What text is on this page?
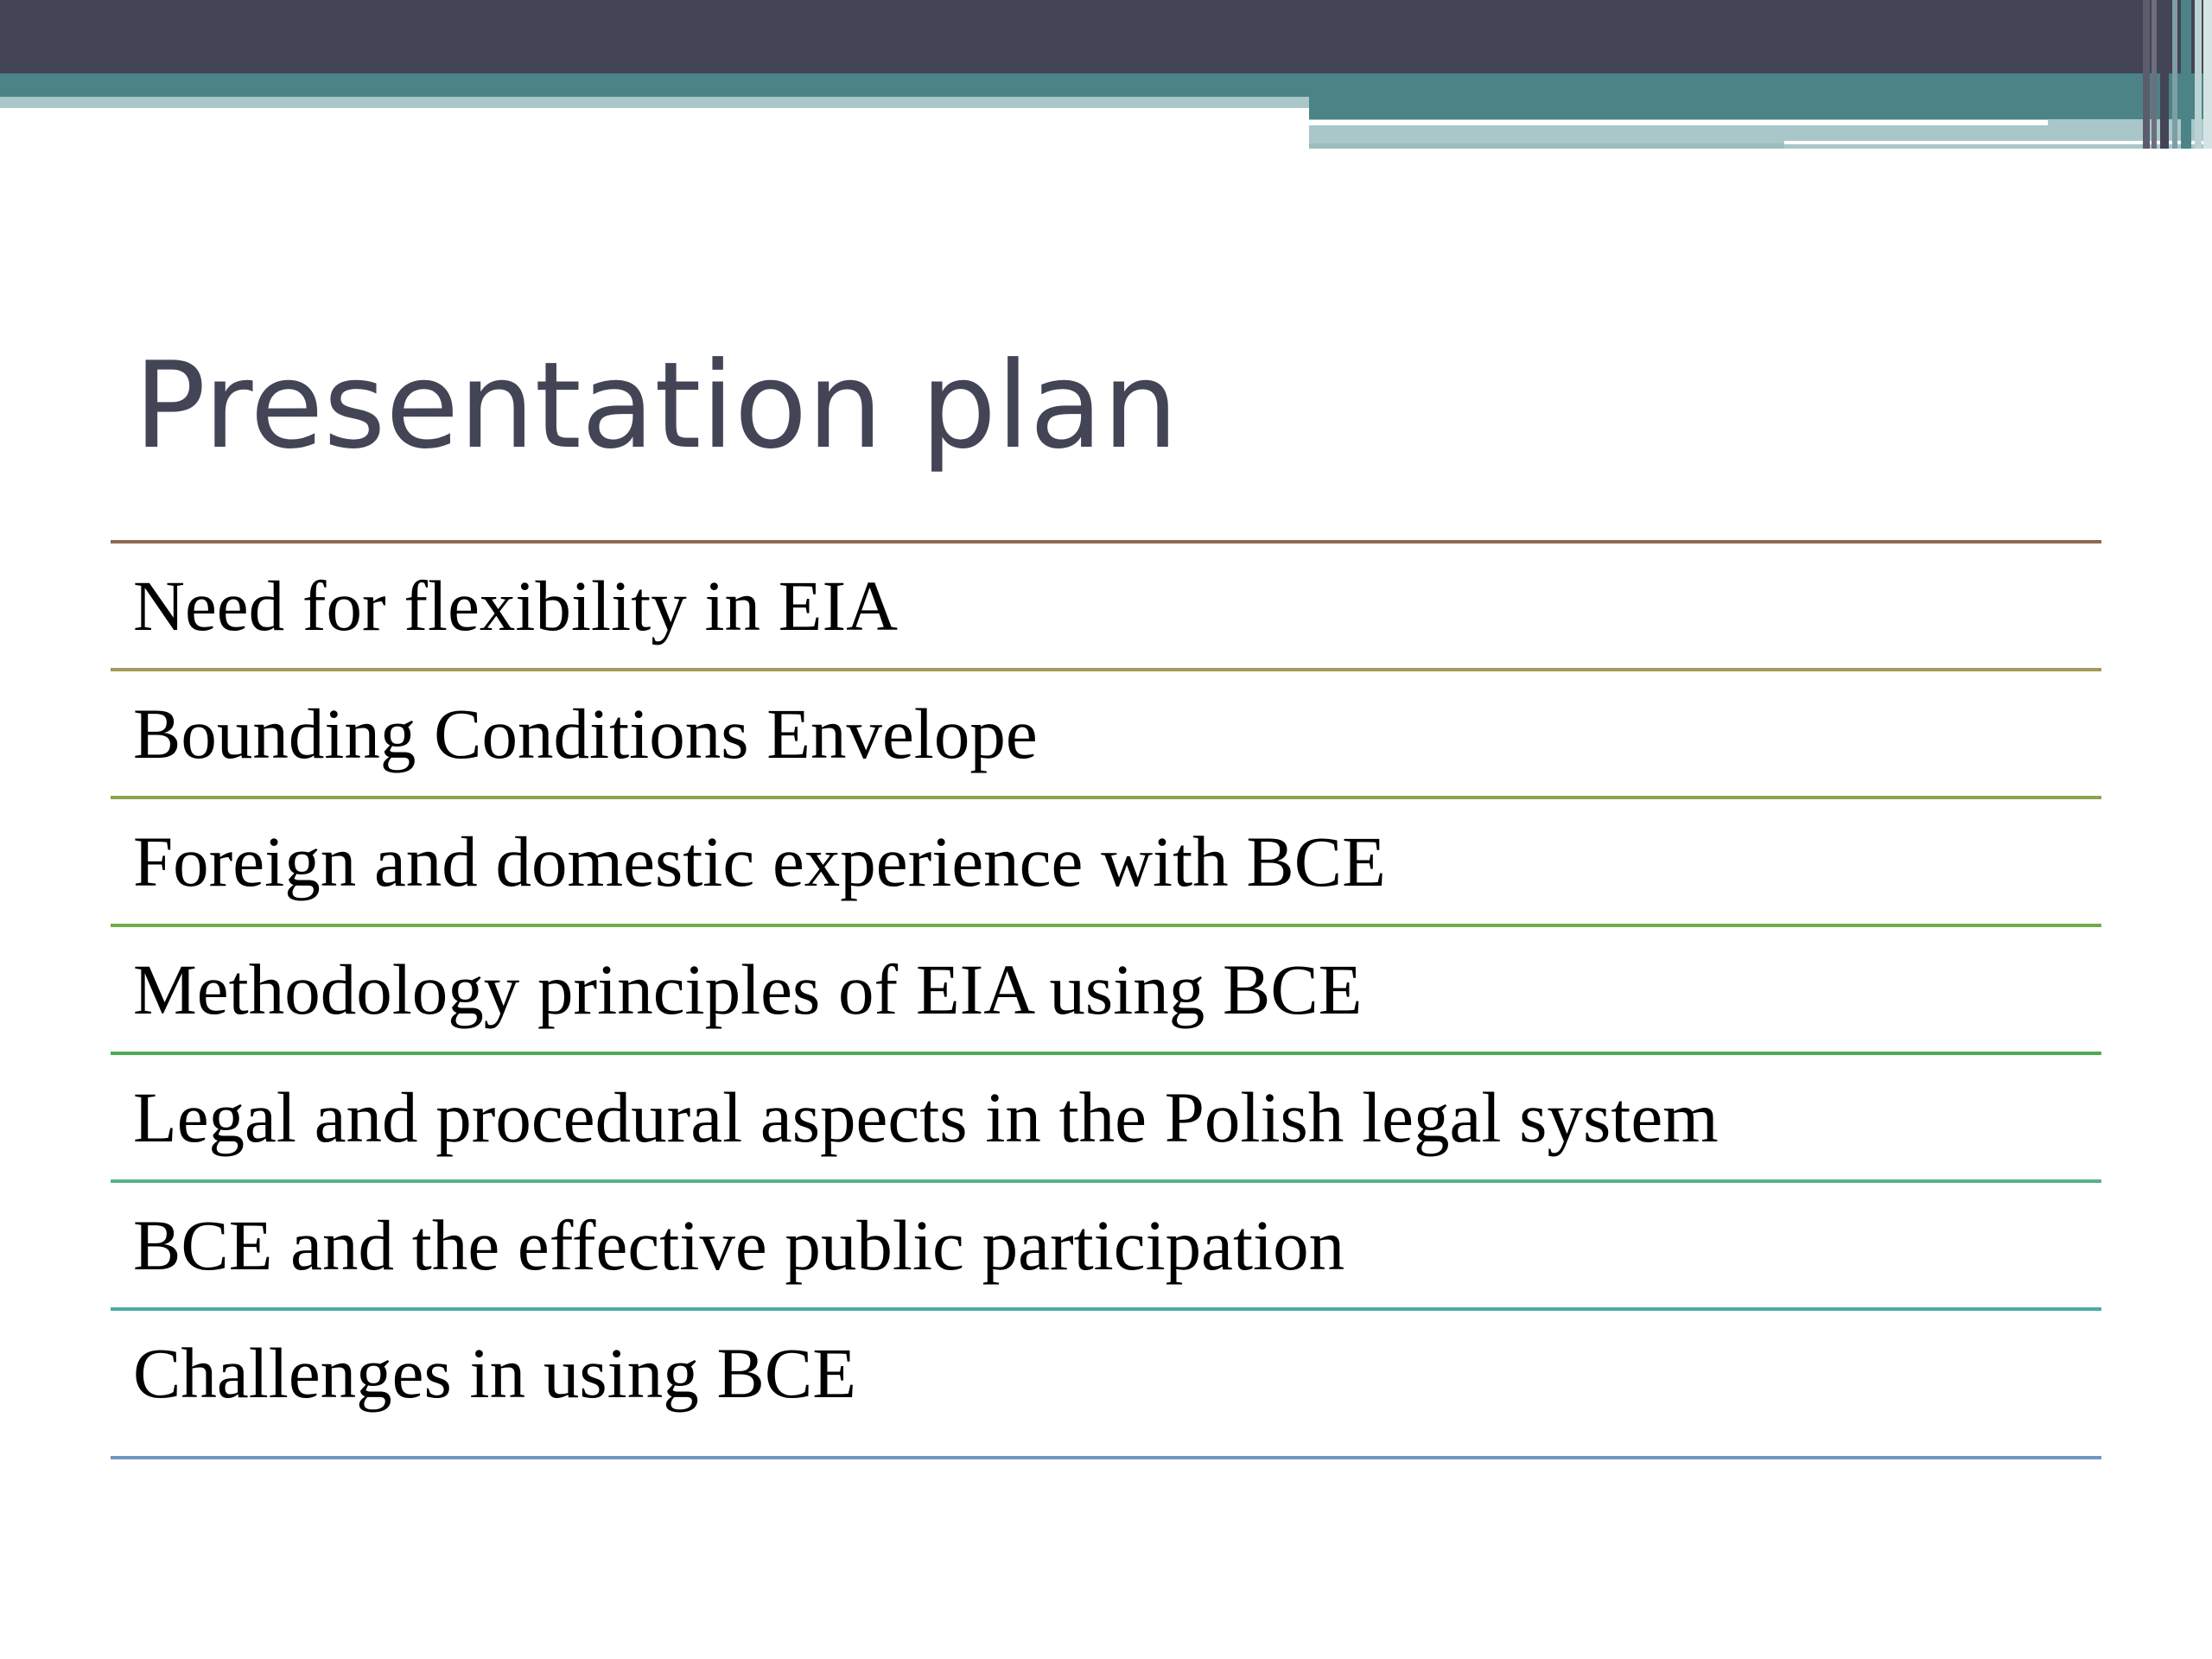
Presentation plan
Need for flexibility in EIA
Bounding Conditions Envelope
Foreign and domestic experience with BCE
Methodology principles of EIA using BCE
Legal and procedural aspects in the Polish legal system
BCE and the effective public participation
Challenges in using BCE
